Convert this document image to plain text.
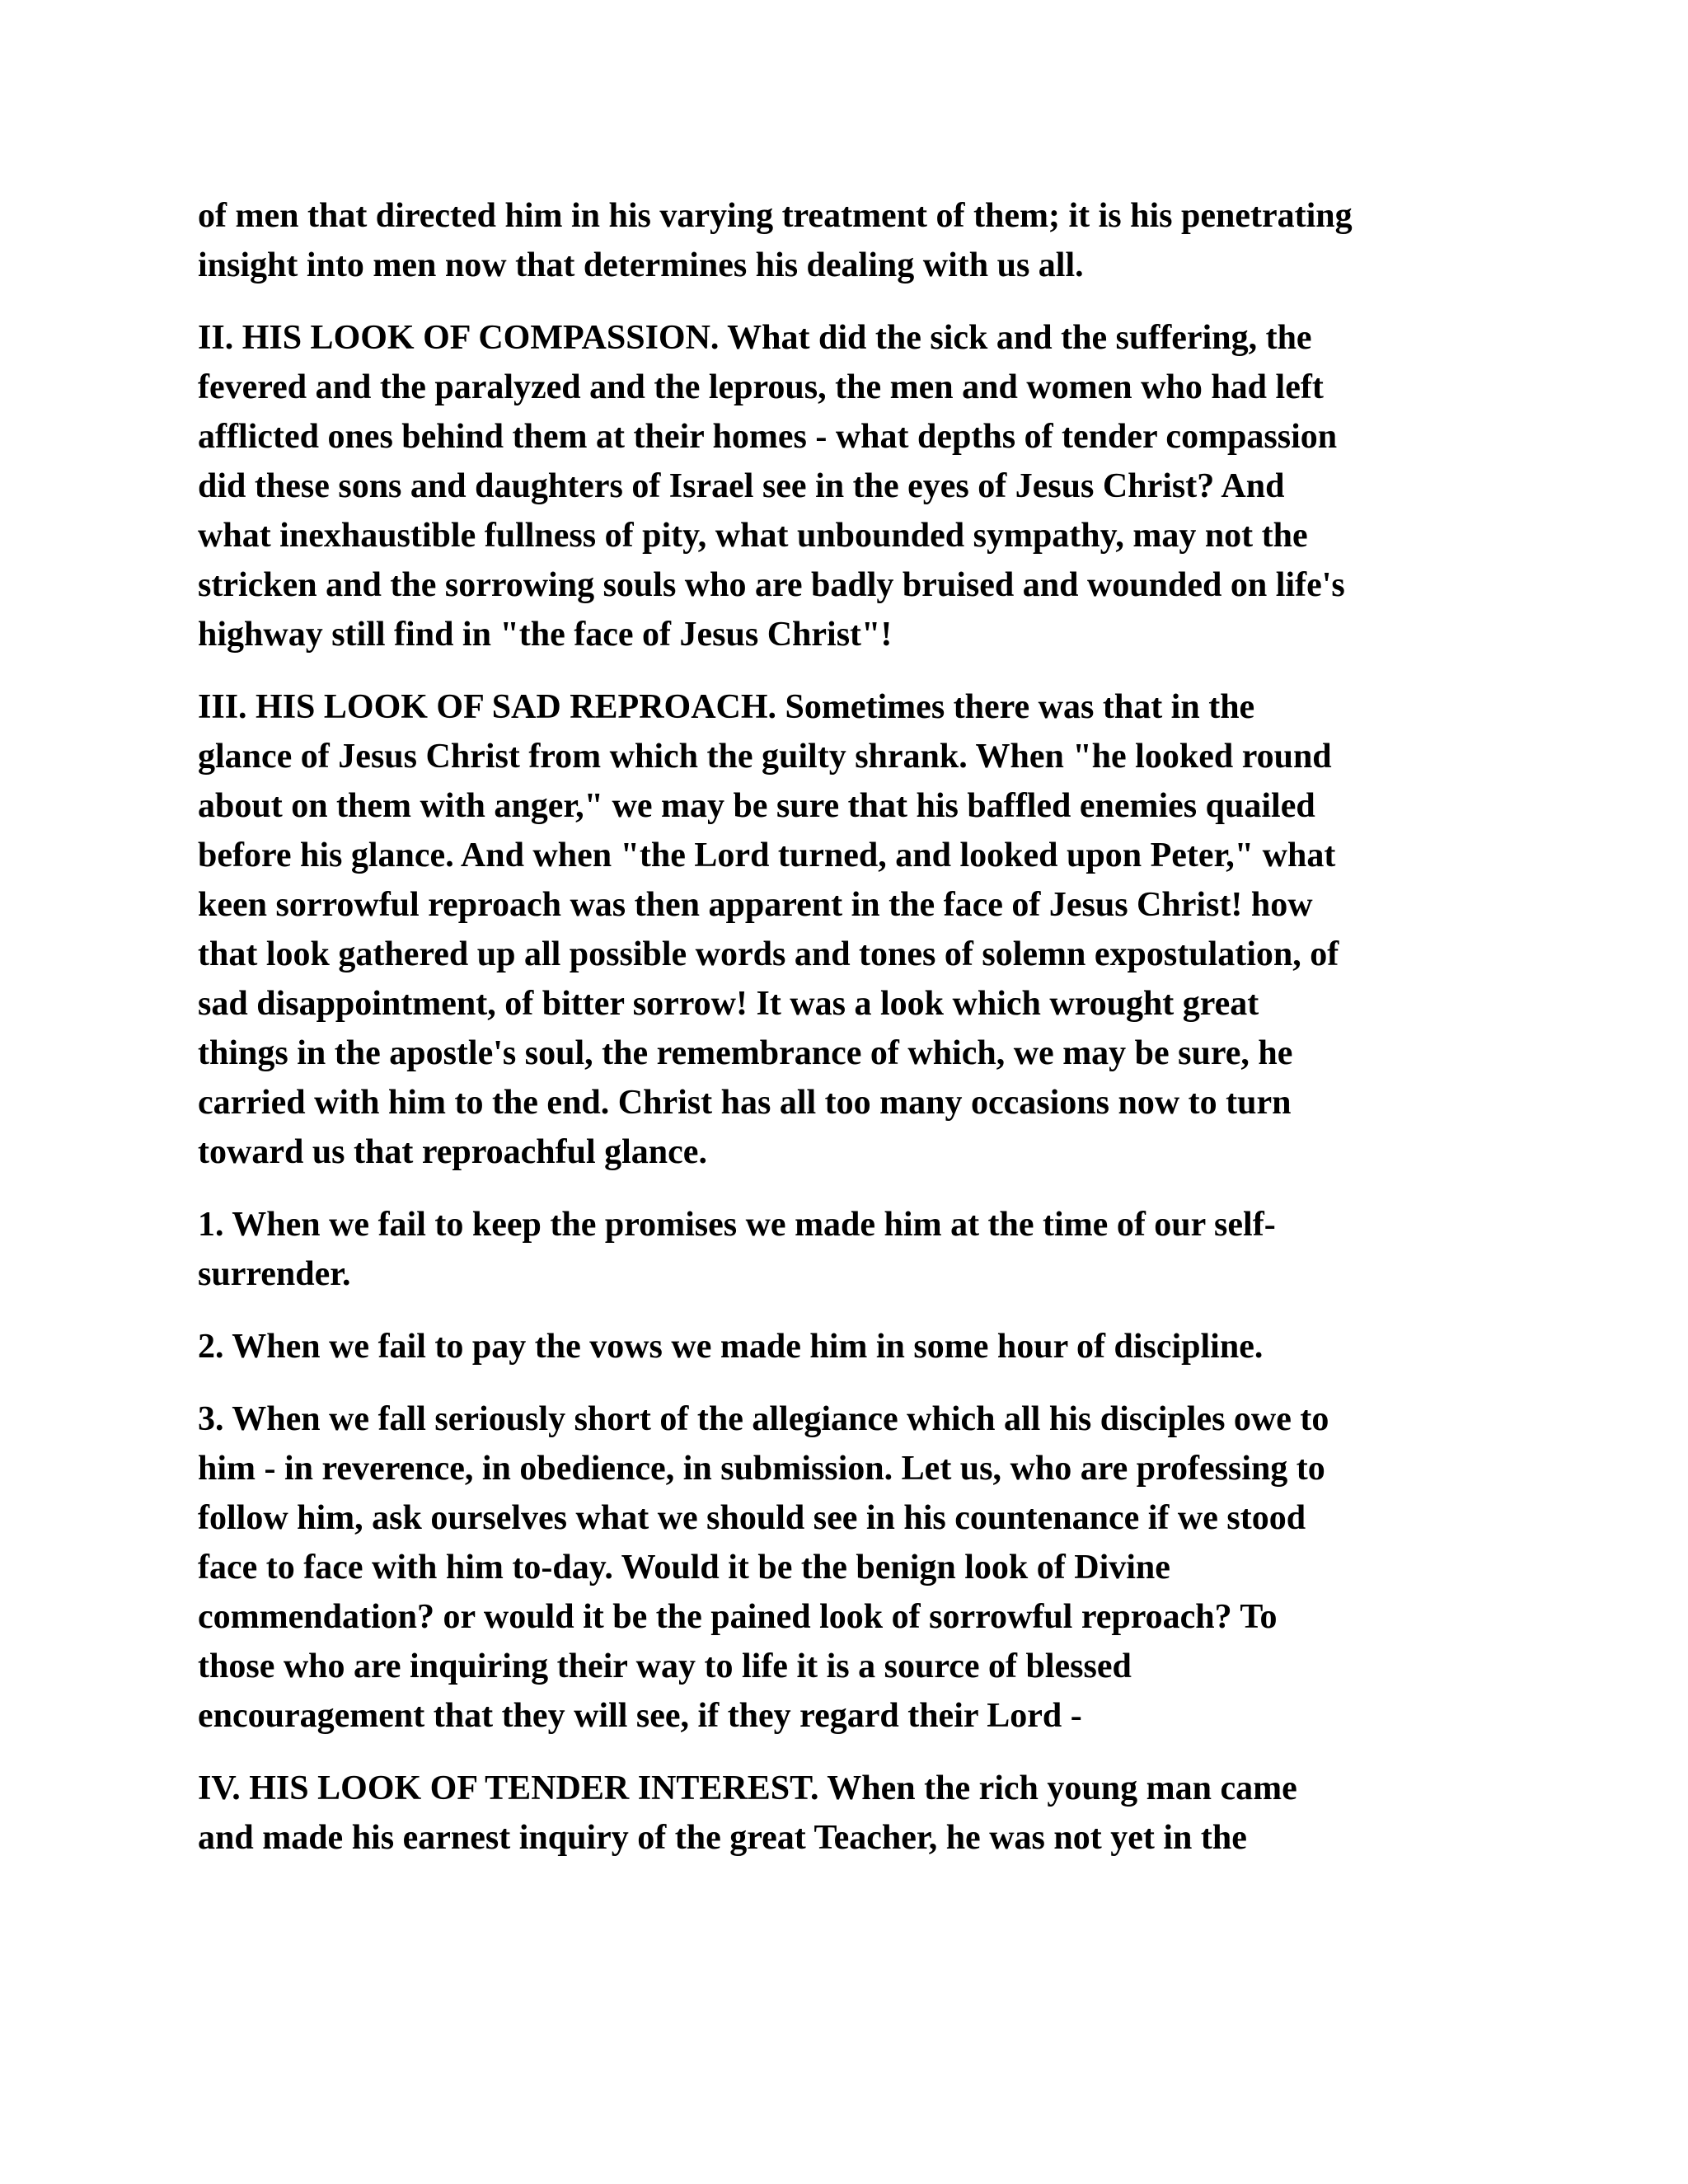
of men that directed him in his varying treatment of them; it is his penetrating
insight into men now that determines his dealing with us all.
II. HIS LOOK OF COMPASSION. What did the sick and the suffering, the
fevered and the paralyzed and the leprous, the men and women who had left
afflicted ones behind them at their homes - what depths of tender compassion
did these sons and daughters of Israel see in the eyes of Jesus Christ? And
what inexhaustible fullness of pity, what unbounded sympathy, may not the
stricken and the sorrowing souls who are badly bruised and wounded on life's
highway still find in "the face of Jesus Christ"!
III. HIS LOOK OF SAD REPROACH. Sometimes there was that in the
glance of Jesus Christ from which the guilty shrank. When "he looked round
about on them with anger," we may be sure that his baffled enemies quailed
before his glance. And when "the Lord turned, and looked upon Peter," what
keen sorrowful reproach was then apparent in the face of Jesus Christ! how
that look gathered up all possible words and tones of solemn expostulation, of
sad disappointment, of bitter sorrow! It was a look which wrought great
things in the apostle's soul, the remembrance of which, we may be sure, he
carried with him to the end. Christ has all too many occasions now to turn
toward us that reproachful glance.
1. When we fail to keep the promises we made him at the time of our self-
surrender.
2. When we fail to pay the vows we made him in some hour of discipline.
3. When we fall seriously short of the allegiance which all his disciples owe to
him - in reverence, in obedience, in submission. Let us, who are professing to
follow him, ask ourselves what we should see in his countenance if we stood
face to face with him to-day. Would it be the benign look of Divine
commendation? or would it be the pained look of sorrowful reproach? To
those who are inquiring their way to life it is a source of blessed
encouragement that they will see, if they regard their Lord -
IV. HIS LOOK OF TENDER INTEREST. When the rich young man came
and made his earnest inquiry of the great Teacher, he was not yet in the
